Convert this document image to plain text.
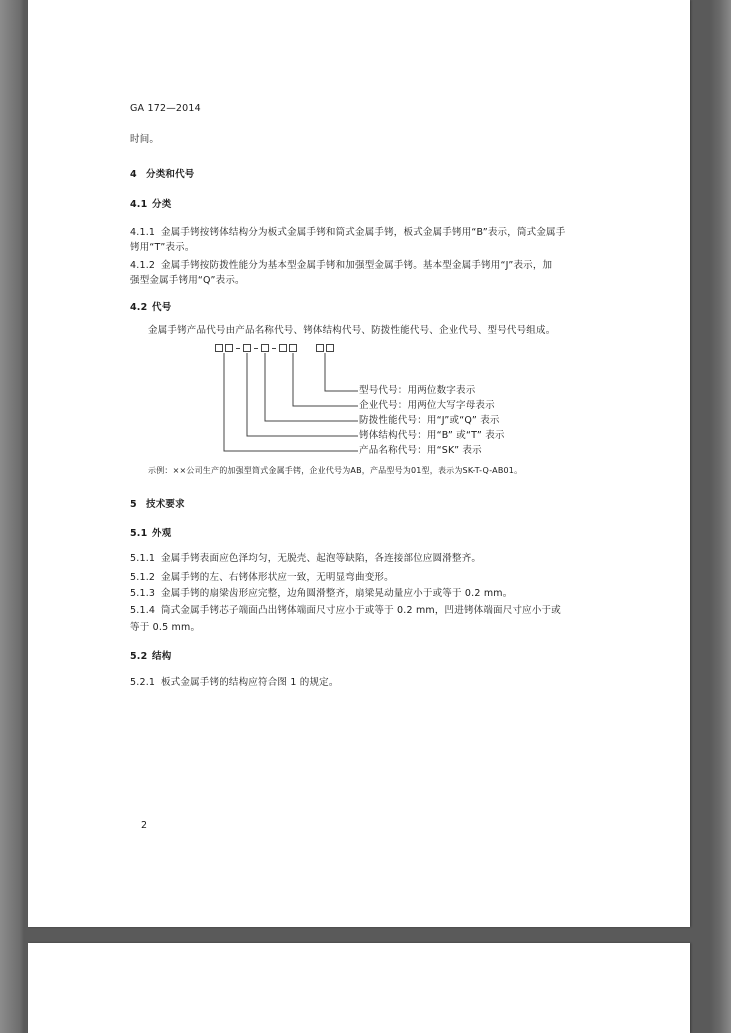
GA 172—2014
时间。
4 分类和代号
4.1 分类
4.1.1 金属手铐按铐体结构分为板式金属手铐和筒式金属手铐，板式金属手铐用“B”表示，筒式金属手
铐用“T”表示。
4.1.2 金属手铐按防拨性能分为基本型金属手铐和加强型金属手铐。基本型金属手铐用“J”表示，加
强型金属手铐用“Q”表示。
4.2 代号
金属手铐产品代号由产品名称代号、铐体结构代号、防拨性能代号、企业代号、型号代号组成。
型号代号：用两位数字表示
企业代号：用两位大写字母表示
防拨性能代号：用“J”或“Q” 表示
铐体结构代号：用“B” 或“T” 表示
产品名称代号：用“SK” 表示
示例：××公司生产的加强型筒式金属手铐，企业代号为AB，产品型号为01型，表示为SK-T-Q-AB01。
5 技术要求
5.1 外观
5.1.1 金属手铐表面应色泽均匀，无脱壳、起泡等缺陷，各连接部位应圆滑整齐。
5.1.2 金属手铐的左、右铐体形状应一致，无明显弯曲变形。
5.1.3 金属手铐的扇梁齿形应完整，边角圆滑整齐，扇梁晃动量应小于或等于 0.2 mm。
5.1.4 筒式金属手铐芯子端面凸出铐体端面尺寸应小于或等于 0.2 mm，凹进铐体端面尺寸应小于或
等于 0.5 mm。
5.2 结构
5.2.1 板式金属手铐的结构应符合图 1 的规定。
2
